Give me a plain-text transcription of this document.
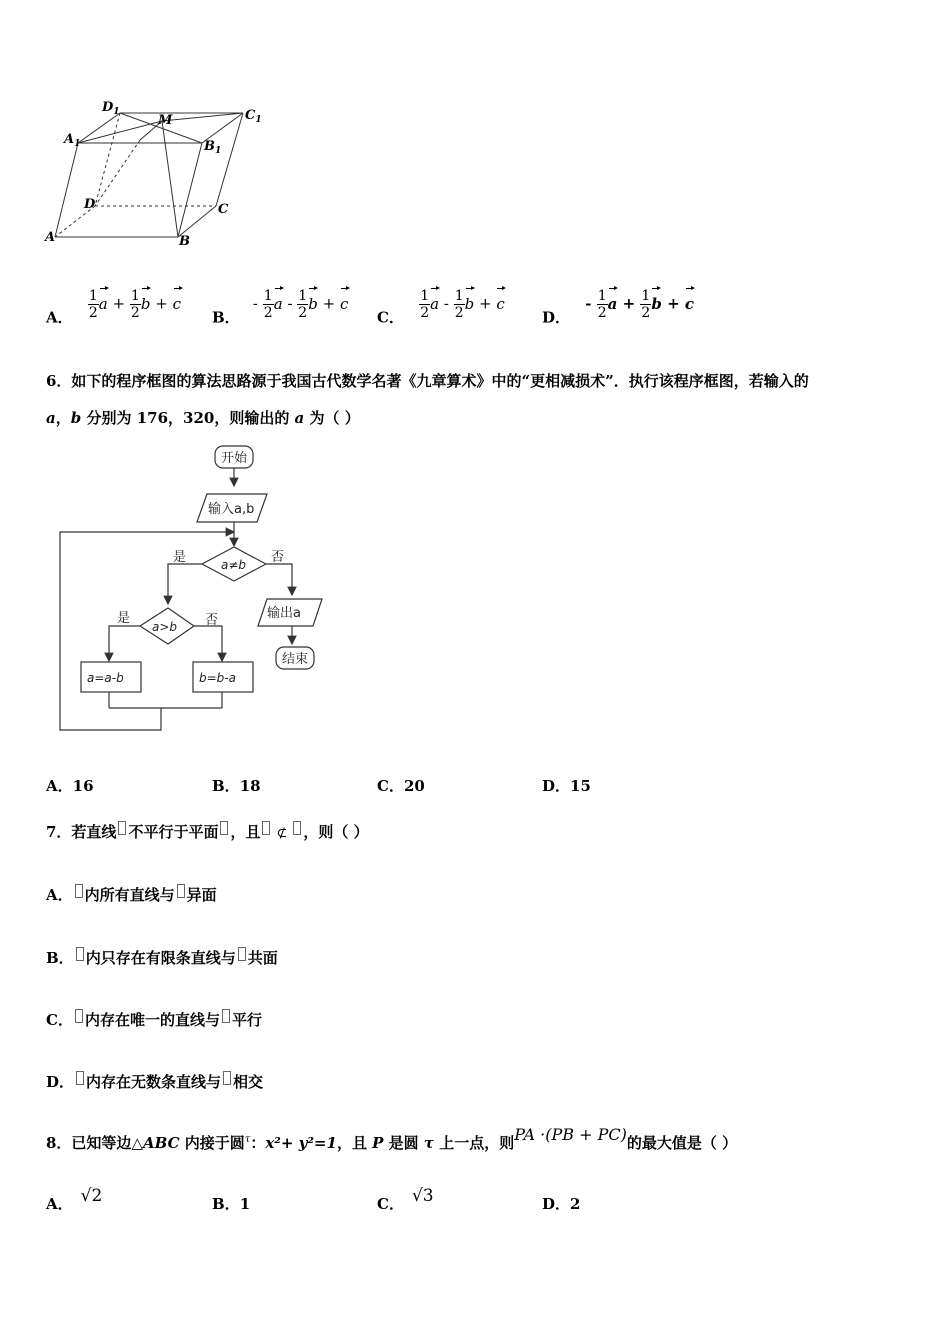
$D_1$	$C_1$
$A_1$	$B_1$
M
D	C
A	B
A． $\frac{1}{2}$ $a + \frac{1}{2}$ b + c
B． - $\frac{1}{2}$ a - $\frac{1}{2}$ b + c
C． $\frac{1}{2}$ a - $\frac{1}{2}$ b + c
D． - $\frac{1}{2}$ $a + \frac{1}{2}$ b + c
6．如下的程序框图的算法思路源于我国古代数学名著《九章算术》中的“更相减损术”．执行该程序框图，若输入的
a，b 分别为 176，320，则输出的 a 为（ ）
开始
输入a,b
a≠b
是	否
输出a
结束
a>b
是	否
a=a-b	b=b-a
A．16	B．18	C．20	D．15
7．若直线 不平行于平面 ，且 ⊄ ，则（ ）
A． 内所有直线与 异面
B． 内只存在有限条直线与 共面
C． 内存在唯一的直线与 平行
D． 内存在无数条直线与 相交
8．已知等边△ABC 内接于圆$^\tau$：x²+ y²=1，且 P 是圆 τ 上一点，则PA ·(PB + PC)的最大值是（ ）
A． √2	B．1	C． √3	D．2
